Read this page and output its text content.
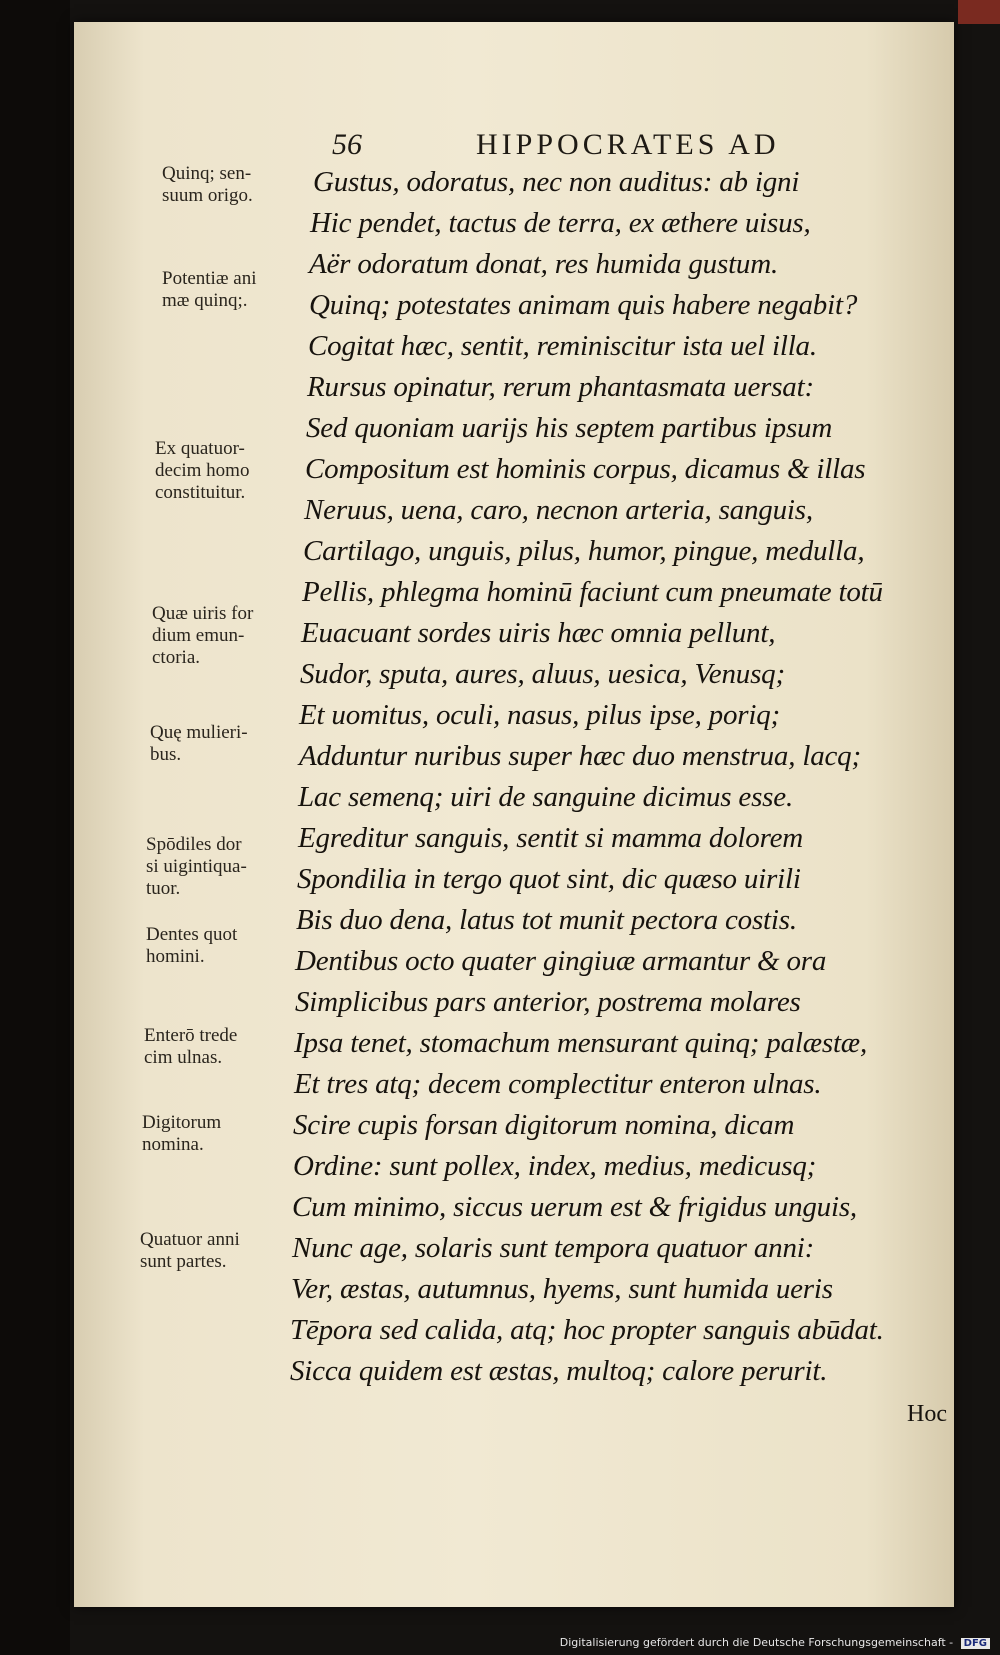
56	HIPPOCRATES AD
Quinq; sen-
suum origo.
Potentiæ ani
mæ quinq;.
Ex quatuor-
decim homo
constituitur.
Quæ uiris for
dium emun-
ctoria.
Quę mulieri-
bus.
Spōdiles dor
si uigintiqua-
tuor.
Dentes quot
homini.
Enterō trede
cim ulnas.
Digitorum
nomina.
Quatuor anni
sunt partes.
Gustus, odoratus, nec non auditus: ab igni
Hic pendet, tactus de terra, ex æthere uisus,
Aër odoratum donat, res humida gustum.
Quinq; potestates animam quis habere negabit?
Cogitat hæc, sentit, reminiscitur ista uel illa.
Rursus opinatur, rerum phantasmata uersat:
Sed quoniam uarijs his septem partibus ipsum
Compositum est hominis corpus, dicamus & illas
Neruus, uena, caro, necnon arteria, sanguis,
Cartilago, unguis, pilus, humor, pingue, medulla,
Pellis, phlegma hominū faciunt cum pneumate totū
Euacuant sordes uiris hæc omnia pellunt,
Sudor, sputa, aures, aluus, uesica, Venusq;
Et uomitus, oculi, nasus, pilus ipse, poriq;
Adduntur nuribus super hæc duo menstrua, lacq;
Lac semenq; uiri de sanguine dicimus esse.
Egreditur sanguis, sentit si mamma dolorem
Spondilia in tergo quot sint, dic quæso uirili
Bis duo dena, latus tot munit pectora costis.
Dentibus octo quater gingiuæ armantur & ora
Simplicibus pars anterior, postrema molares
Ipsa tenet, stomachum mensurant quinq; palæstæ,
Et tres atq; decem complectitur enteron ulnas.
Scire cupis forsan digitorum nomina, dicam
Ordine: sunt pollex, index, medius, medicusq;
Cum minimo, siccus uerum est & frigidus unguis,
Nunc age, solaris sunt tempora quatuor anni:
Ver, æstas, autumnus, hyems, sunt humida ueris
Tēpora sed calida, atq; hoc propter sanguis abūdat.
Sicca quidem est æstas, multoq; calore perurit.
Hoc
Digitalisierung gefördert durch die Deutsche Forschungsgemeinschaft - DFG
